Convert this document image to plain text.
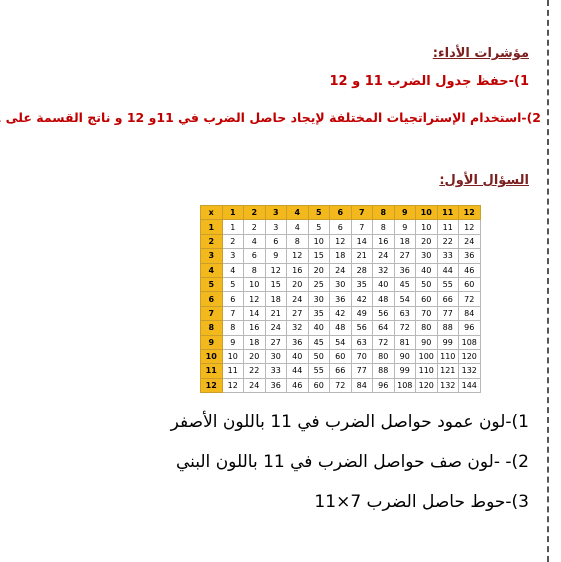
مؤشرات الأداء:
1)-حفظ جدول الضرب 11 و 12
2)-استخدام الإستراتجيات المختلفة لإيجاد حاصل الضرب في 11و 12 و ناتج القسمة على
السؤال الأول:
x	1	2	3	4	5	6	7	8	9	10	11	12
1	1	2	3	4	5	6	7	8	9	10	11	12
2	2	4	6	8	10	12	14	16	18	20	22	24
3	3	6	9	12	15	18	21	24	27	30	33	36
4	4	8	12	16	20	24	28	32	36	40	44	46
5	5	10	15	20	25	30	35	40	45	50	55	60
6	6	12	18	24	30	36	42	48	54	60	66	72
7	7	14	21	27	35	42	49	56	63	70	77	84
8	8	16	24	32	40	48	56	64	72	80	88	96
9	9	18	27	36	45	54	63	72	81	90	99	108
10	10	20	30	40	50	60	70	80	90	100	110	120
11	11	22	33	44	55	66	77	88	99	110	121	132
12	12	24	36	46	60	72	84	96	108	120	132	144
1)-لون عمود حواصل الضرب في 11 باللون الأصفر
2)- -لون صف حواصل الضرب في 11 باللون البني
3)-حوط حاصل الضرب 7×11
